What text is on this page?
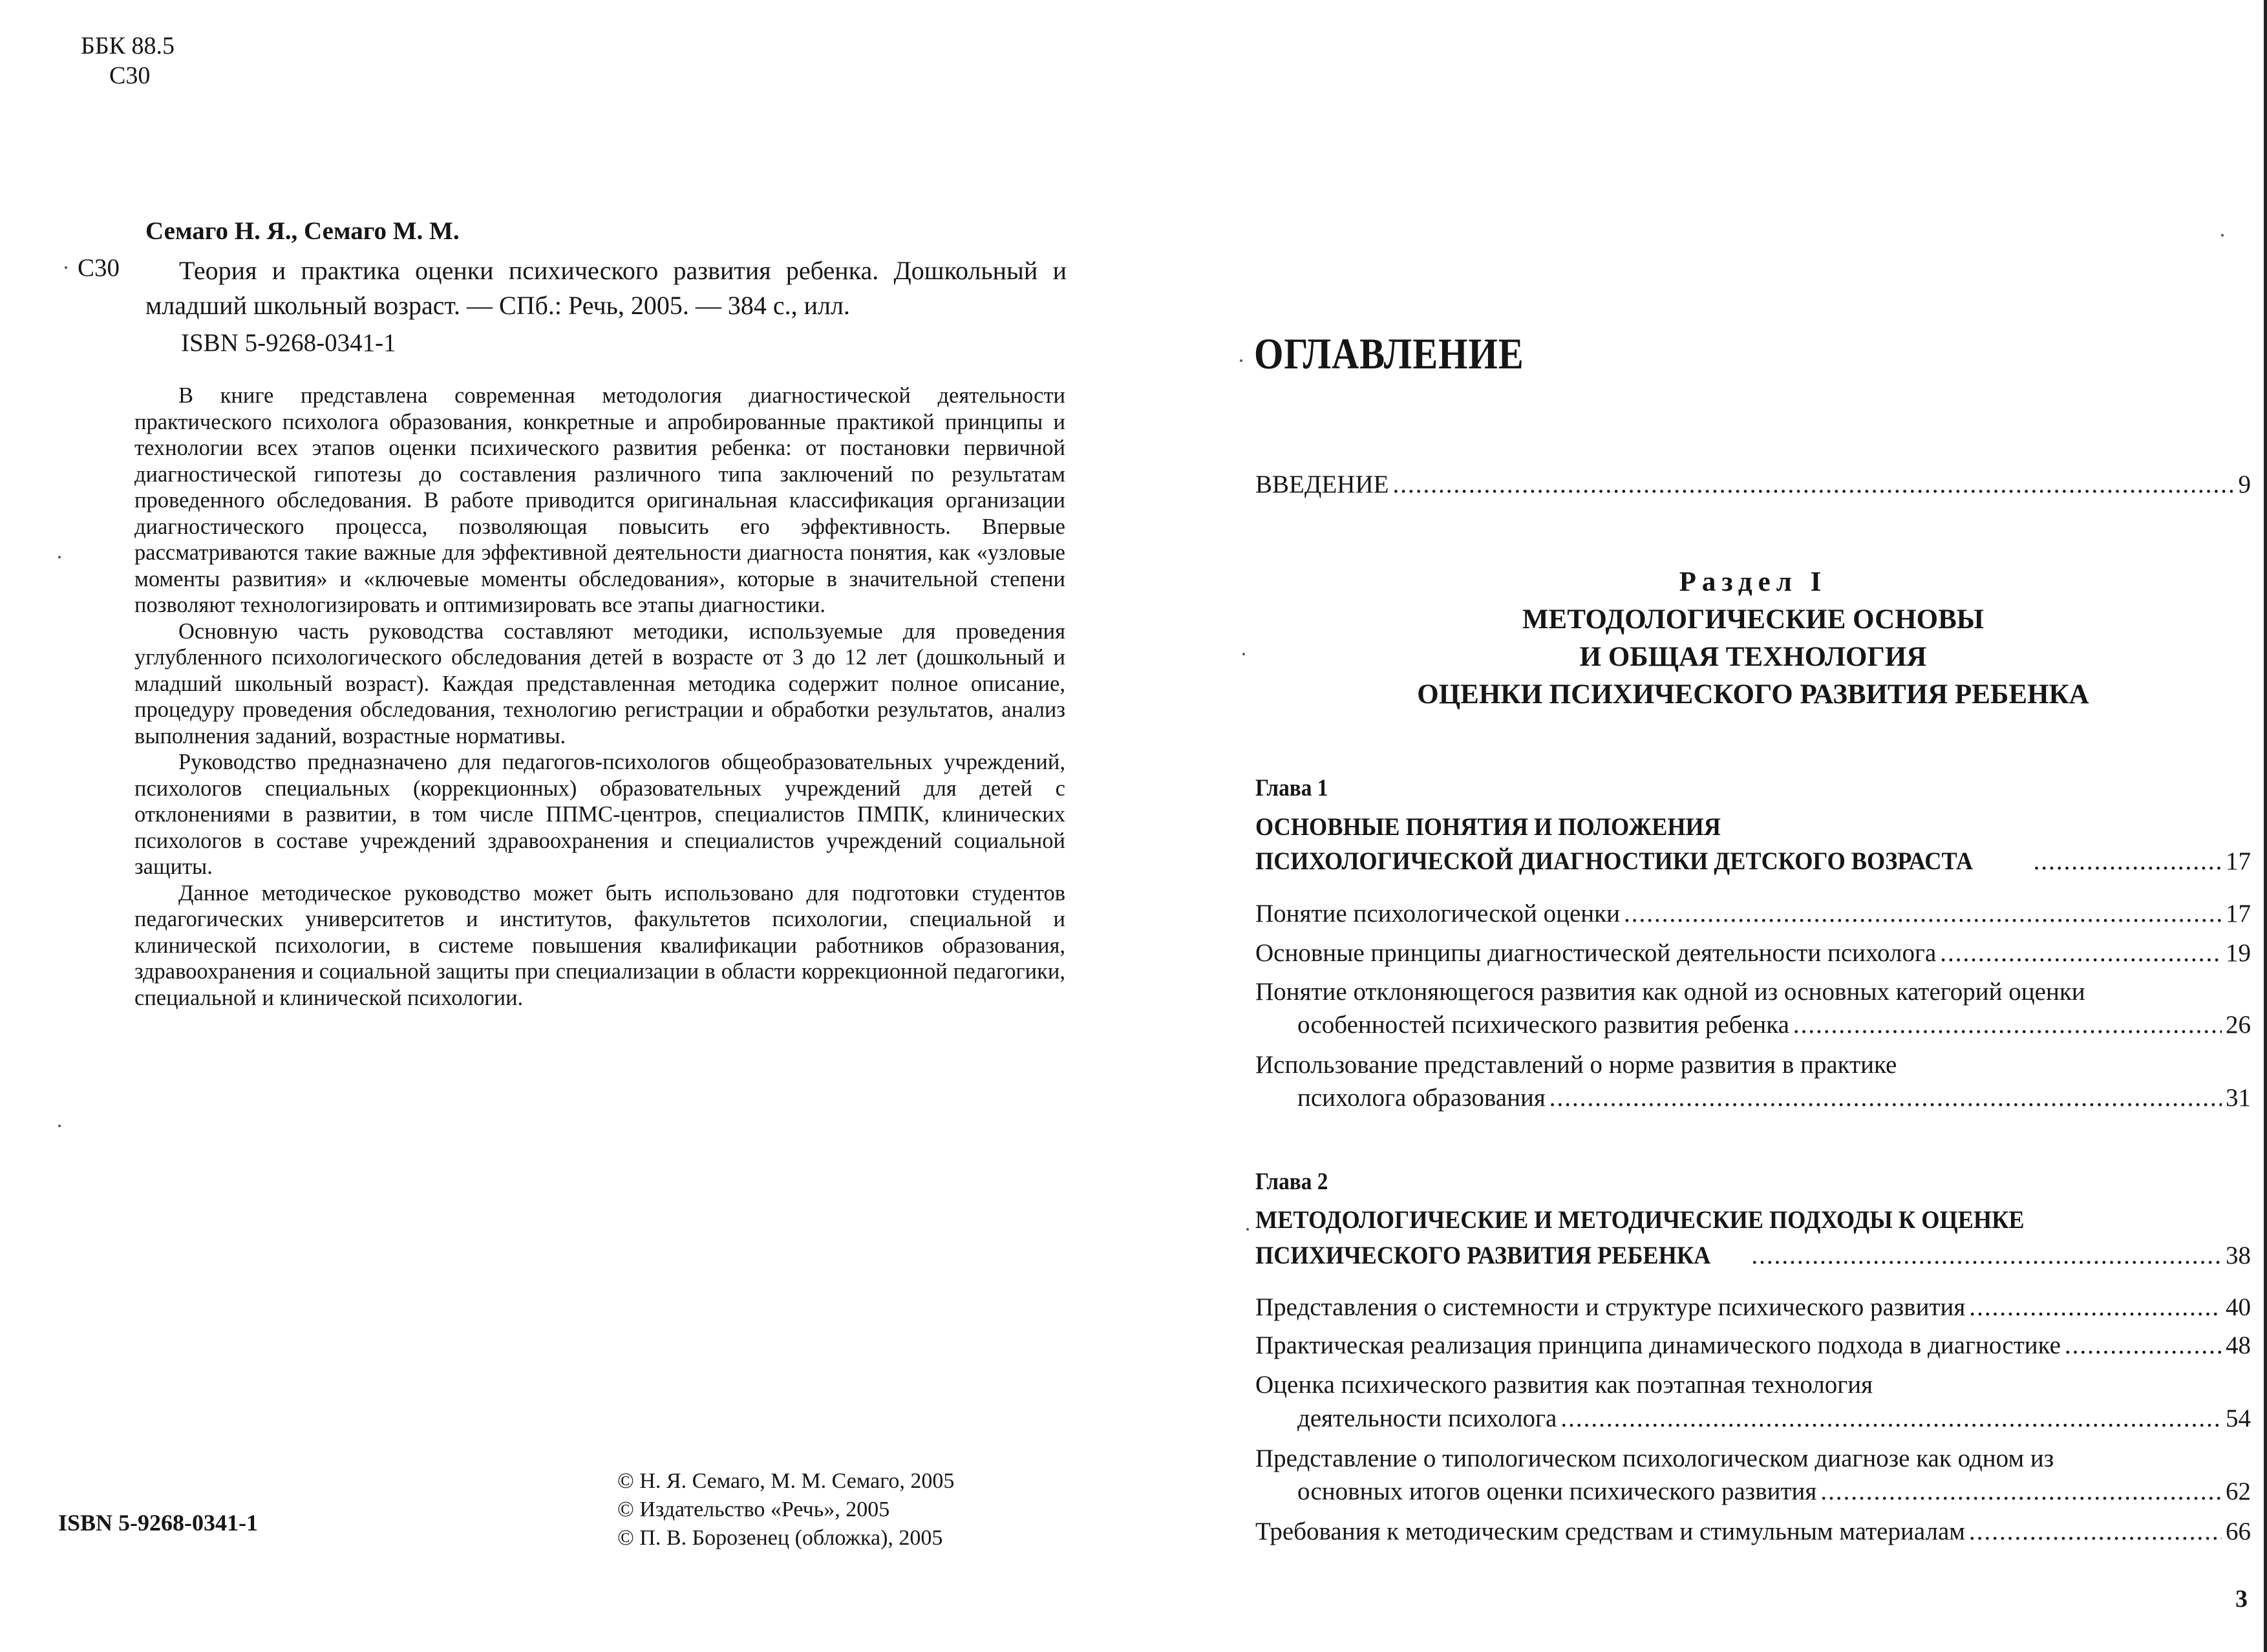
ББК 88.5
С30
Семаго Н. Я., Семаго М. М.
С30	Теория и практика оценки психического развития ребенка. Дошкольный и младший школьный возраст. — СПб.: Речь, 2005. — 384 с., илл.
ISBN 5-9268-0341-1

В книге представлена современная методология диагностической деятельности практического психолога образования, конкретные и апробированные практикой принципы и технологии всех этапов оценки психического развития ребенка: от постановки первичной диагностической гипотезы до составления различного типа заключений по результатам проведенного обследования. В работе приводится оригинальная классификация организации диагностического процесса, позволяющая повысить его эффективность. Впервые рассматриваются такие важные для эффективной деятельности диагноста понятия, как «узловые моменты развития» и «ключевые моменты обследования», которые в значительной степени позволяют технологизировать и оптимизировать все этапы диагностики.

Основную часть руководства составляют методики, используемые для проведения углубленного психологического обследования детей в возрасте от 3 до 12 лет (дошкольный и младший школьный возраст). Каждая представленная методика содержит полное описание, процедуру проведения обследования, технологию регистрации и обработки результатов, анализ выполнения заданий, возрастные нормативы.

Руководство предназначено для педагогов-психологов общеобразовательных учреждений, психологов специальных (коррекционных) образовательных учреждений для детей с отклонениями в развитии, в том числе ППМС-центров, специалистов ПМПК, клинических психологов в составе учреждений здравоохранения и специалистов учреждений социальной защиты.

Данное методическое руководство может быть использовано для подготовки студентов педагогических университетов и институтов, факультетов психологии, специальной и клинической психологии, в системе повышения квалификации работников образования, здравоохранения и социальной защиты при специализации в области коррекционной педагогики, специальной и клинической психологии.

ISBN 5-9268-0341-1
© Н. Я. Семаго, М. М. Семаго, 2005
© Издательство «Речь», 2005
© П. В. Борозенец (обложка), 2005
ОГЛАВЛЕНИЕ
ВВЕДЕНИЕ .....	9
Раздел I
МЕТОДОЛОГИЧЕСКИЕ ОСНОВЫ
И ОБЩАЯ ТЕХНОЛОГИЯ
ОЦЕНКИ ПСИХИЧЕСКОГО РАЗВИТИЯ РЕБЕНКА
Глава 1
ОСНОВНЫЕ ПОНЯТИЯ И ПОЛОЖЕНИЯ
ПСИХОЛОГИЧЕСКОЙ ДИАГНОСТИКИ ДЕТСКОГО ВОЗРАСТА .....	17
Понятие психологической оценки .....	17
Основные принципы диагностической деятельности психолога .....	19
Понятие отклоняющегося развития как одной из основных категорий оценки
особенностей психического развития ребенка .....	26
Использование представлений о норме развития в практике
психолога образования .....	31
Глава 2
МЕТОДОЛОГИЧЕСКИЕ И МЕТОДИЧЕСКИЕ ПОДХОДЫ К ОЦЕНКЕ
ПСИХИЧЕСКОГО РАЗВИТИЯ РЕБЕНКА .....	38
Представления о системности и структуре психического развития .....	40
Практическая реализация принципа динамического подхода в диагностике .....	48
Оценка психического развития как поэтапная технология
деятельности психолога .....	54
Представление о типологическом психологическом диагнозе как одном из
основных итогов оценки психического развития .....	62
Требования к методическим средствам и стимульным материалам .....	66
3
